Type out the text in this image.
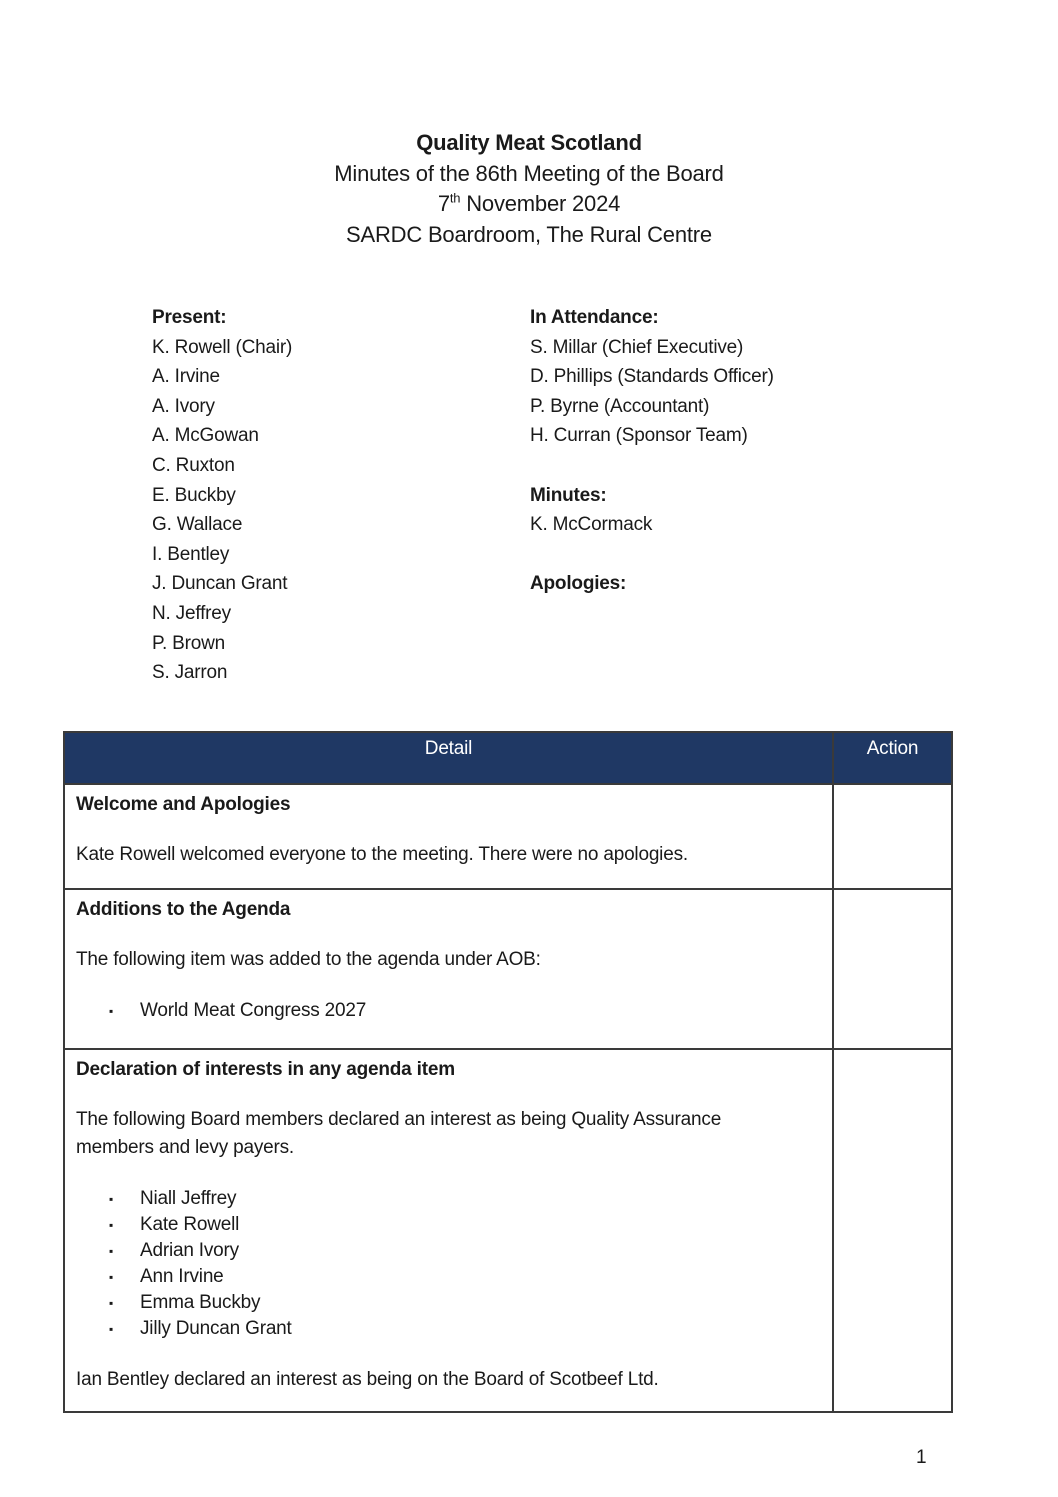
Quality Meat Scotland
Minutes of the 86th Meeting of the Board
7th November 2024
SARDC Boardroom, The Rural Centre
Present:
K. Rowell (Chair)
A. Irvine
A. Ivory
A. McGowan
C. Ruxton
E. Buckby
G. Wallace
I. Bentley
J. Duncan Grant
N. Jeffrey
P. Brown
S. Jarron
In Attendance:
S. Millar (Chief Executive)
D. Phillips (Standards Officer)
P. Byrne (Accountant)
H. Curran (Sponsor Team)

Minutes:
K. McCormack

Apologies:
Detail	Action

Welcome and Apologies
Kate Rowell welcomed everyone to the meeting. There were no apologies.	

Additions to the Agenda
The following item was added to the agenda under AOB:
▪ World Meat Congress 2027

Declaration of interests in any agenda item
The following Board members declared an interest as being Quality Assurance members and levy payers.
▪ Niall Jeffrey
▪ Kate Rowell
▪ Adrian Ivory
▪ Ann Irvine
▪ Emma Buckby
▪ Jilly Duncan Grant
Ian Bentley declared an interest as being on the Board of Scotbeef Ltd.

1
